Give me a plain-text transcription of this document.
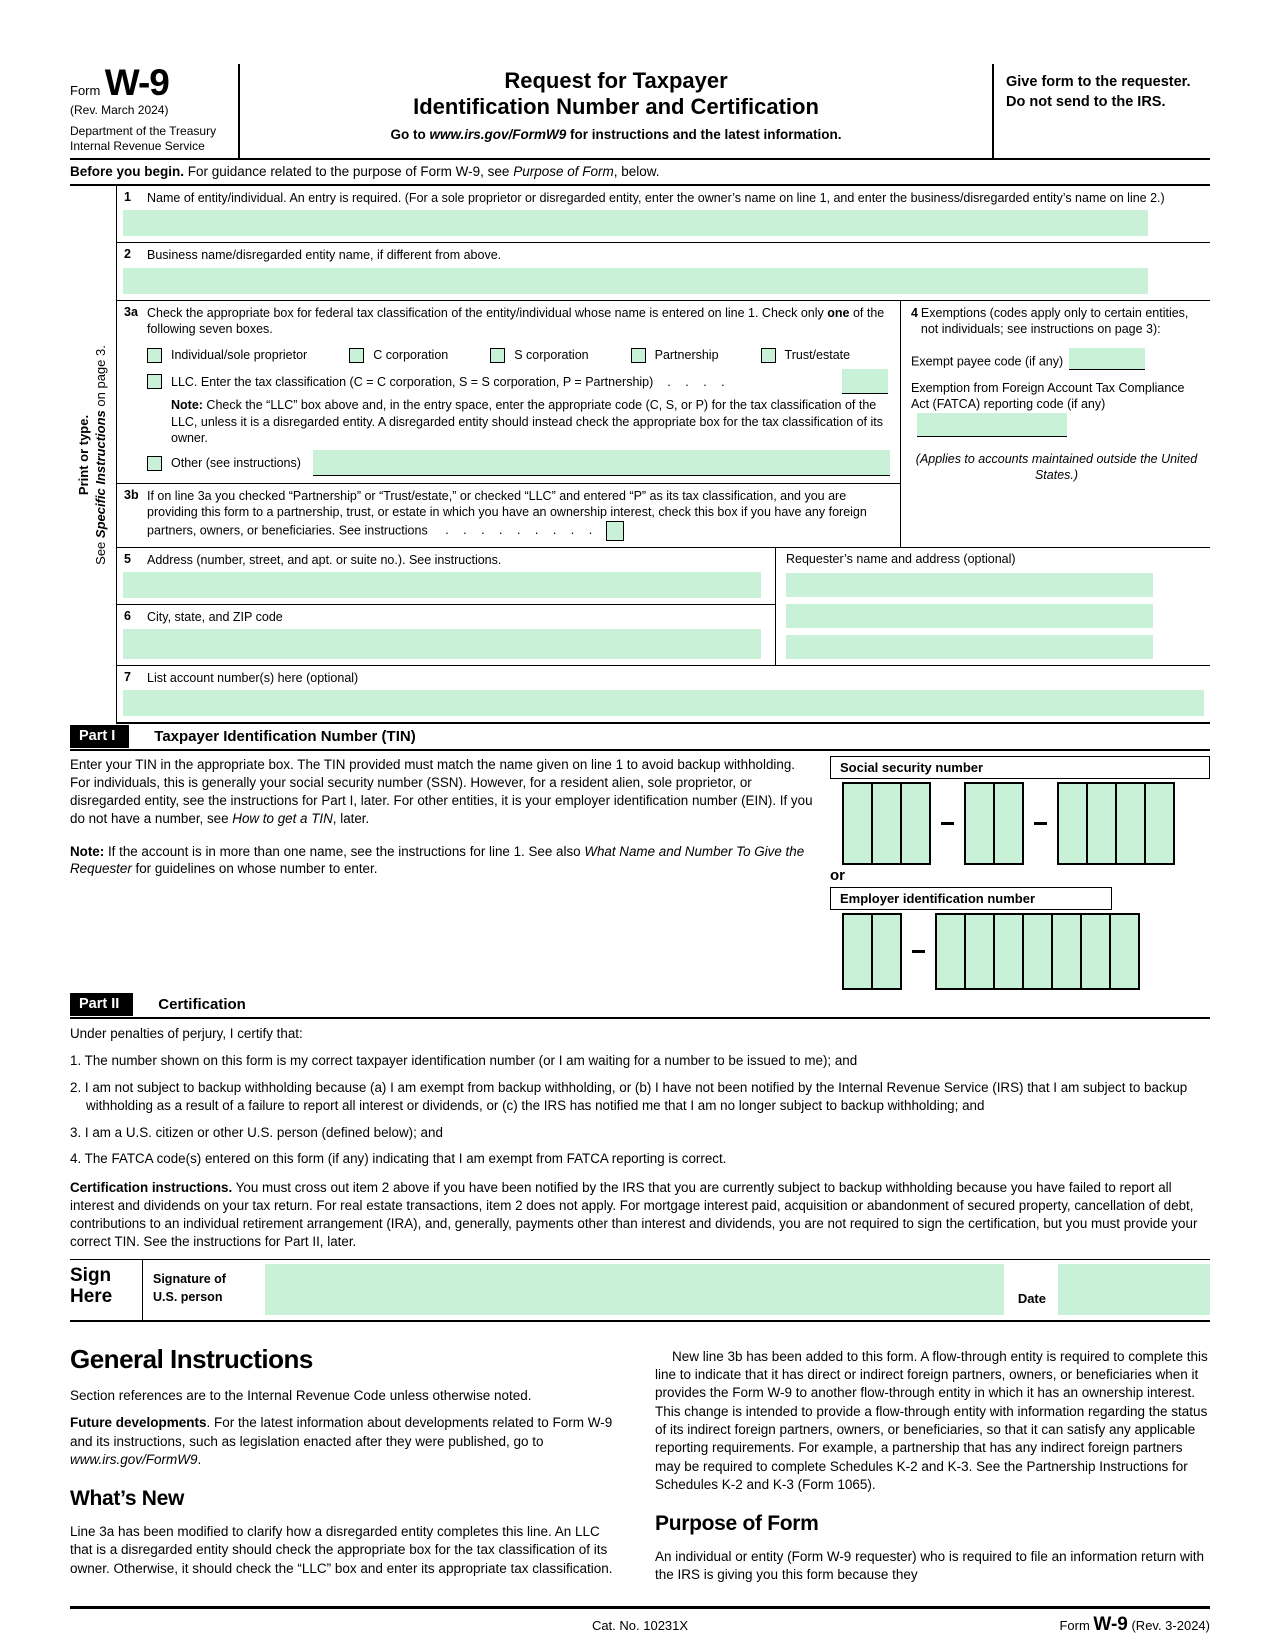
Form W-9
(Rev. March 2024)
Department of the Treasury
Internal Revenue Service
Request for Taxpayer
Identification Number and Certification
Go to www.irs.gov/FormW9 for instructions and the latest information.
Give form to the requester. Do not send to the IRS.
Before you begin. For guidance related to the purpose of Form W-9, see Purpose of Form, below.
Print or type.
See Specific Instructions on page 3.
1	Name of entity/individual. An entry is required. (For a sole proprietor or disregarded entity, enter the owner’s name on line 1, and enter the business/disregarded entity’s name on line 2.)
2	Business name/disregarded entity name, if different from above.
3a Check the appropriate box for federal tax classification of the entity/individual whose name is entered on line 1. Check only one of the following seven boxes.
Individual/sole proprietor	C corporation	S corporation	Partnership	Trust/estate
LLC. Enter the tax classification (C = C corporation, S = S corporation, P = Partnership) . . . .
Note: Check the “LLC” box above and, in the entry space, enter the appropriate code (C, S, or P) for the tax classification of the LLC, unless it is a disregarded entity. A disregarded entity should instead check the appropriate box for the tax classification of its owner.
Other (see instructions)
3b If on line 3a you checked “Partnership” or “Trust/estate,” or checked “LLC” and entered “P” as its tax classification, and you are providing this form to a partnership, trust, or estate in which you have an ownership interest, check this box if you have any foreign partners, owners, or beneficiaries. See instructions . . . . . . . . .
4 Exemptions (codes apply only to certain entities, not individuals; see instructions on page 3):
Exempt payee code (if any)
Exemption from Foreign Account Tax Compliance Act (FATCA) reporting code (if any)
(Applies to accounts maintained outside the United States.)
5	Address (number, street, and apt. or suite no.). See instructions.
6	City, state, and ZIP code
Requester’s name and address (optional)
7	List account number(s) here (optional)
Part I	Taxpayer Identification Number (TIN)

Enter your TIN in the appropriate box. The TIN provided must match the name given on line 1 to avoid backup withholding. For individuals, this is generally your social security number (SSN). However, for a resident alien, sole proprietor, or disregarded entity, see the instructions for Part I, later. For other entities, it is your employer identification number (EIN). If you do not have a number, see How to get a TIN, later.

Note: If the account is in more than one name, see the instructions for line 1. See also What Name and Number To Give the Requester for guidelines on whose number to enter.

Social security number
or
Employer identification number
Part II	Certification

Under penalties of perjury, I certify that:

1. The number shown on this form is my correct taxpayer identification number (or I am waiting for a number to be issued to me); and

2. I am not subject to backup withholding because (a) I am exempt from backup withholding, or (b) I have not been notified by the Internal Revenue Service (IRS) that I am subject to backup withholding as a result of a failure to report all interest or dividends, or (c) the IRS has notified me that I am no longer subject to backup withholding; and

3. I am a U.S. citizen or other U.S. person (defined below); and

4. The FATCA code(s) entered on this form (if any) indicating that I am exempt from FATCA reporting is correct.

Certification instructions. You must cross out item 2 above if you have been notified by the IRS that you are currently subject to backup withholding because you have failed to report all interest and dividends on your tax return. For real estate transactions, item 2 does not apply. For mortgage interest paid, acquisition or abandonment of secured property, cancellation of debt, contributions to an individual retirement arrangement (IRA), and, generally, payments other than interest and dividends, you are not required to sign the certification, but you must provide your correct TIN. See the instructions for Part II, later.

Sign
Here
Signature of
U.S. person	Date
General Instructions

Section references are to the Internal Revenue Code unless otherwise noted.

Future developments. For the latest information about developments related to Form W-9 and its instructions, such as legislation enacted after they were published, go to www.irs.gov/FormW9.

What’s New

Line 3a has been modified to clarify how a disregarded entity completes this line. An LLC that is a disregarded entity should check the appropriate box for the tax classification of its owner. Otherwise, it should check the “LLC” box and enter its appropriate tax classification.

New line 3b has been added to this form. A flow-through entity is required to complete this line to indicate that it has direct or indirect foreign partners, owners, or beneficiaries when it provides the Form W-9 to another flow-through entity in which it has an ownership interest. This change is intended to provide a flow-through entity with information regarding the status of its indirect foreign partners, owners, or beneficiaries, so that it can satisfy any applicable reporting requirements. For example, a partnership that has any indirect foreign partners may be required to complete Schedules K-2 and K-3. See the Partnership Instructions for Schedules K-2 and K-3 (Form 1065).

Purpose of Form

An individual or entity (Form W-9 requester) who is required to file an information return with the IRS is giving you this form because they

Cat. No. 10231X	Form W-9 (Rev. 3-2024)
